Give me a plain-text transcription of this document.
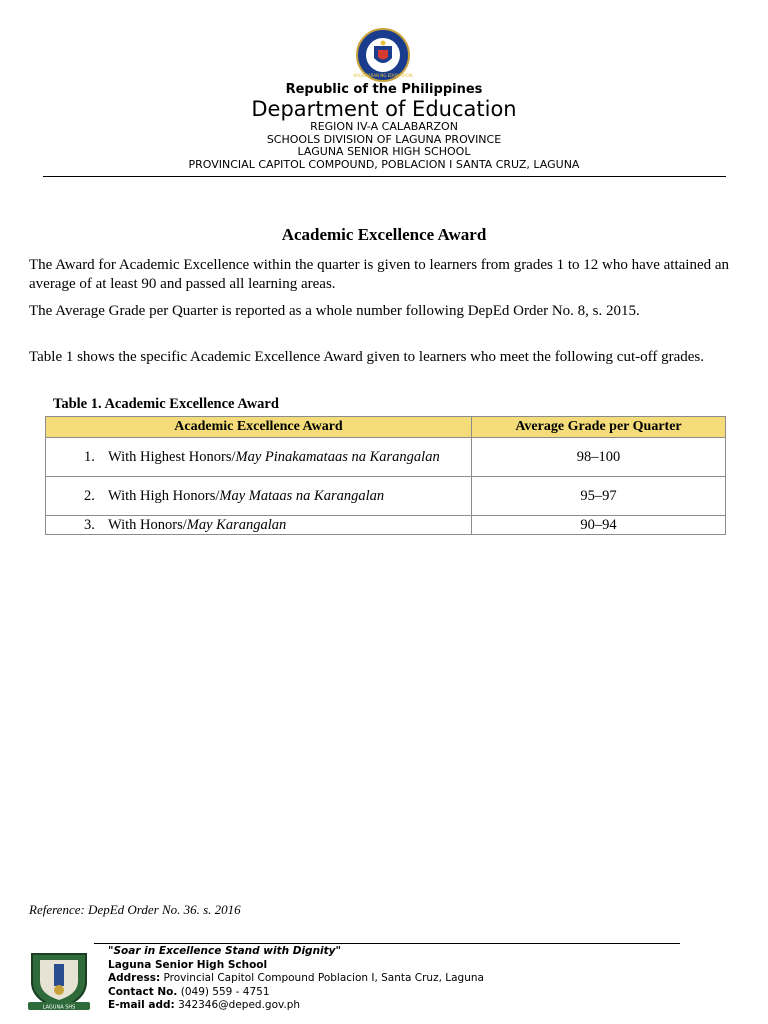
KAGAWARAN NG EDUKASYON
Republic of the Philippines
Department of Education
REGION IV-A CALABARZON
SCHOOLS DIVISION OF LAGUNA PROVINCE
LAGUNA SENIOR HIGH SCHOOL
PROVINCIAL CAPITOL COMPOUND, POBLACION I SANTA CRUZ, LAGUNA
Academic Excellence Award

The Award for Academic Excellence within the quarter is given to learners from grades 1 to 12 who have attained an average of at least 90 and passed all learning areas.

The Average Grade per Quarter is reported as a whole number following DepEd Order No. 8, s. 2015.

Table 1 shows the specific Academic Excellence Award given to learners who meet the following cut-off grades.

Table 1. Academic Excellence Award
Academic Excellence Award	Average Grade per Quarter

1. With Highest Honors/May Pinakamataas na Karangalan	98–100

2. With High Honors/May Mataas na Karangalan	95–97

3. With Honors/May Karangalan	90–94
Reference: DepEd Order No. 36. s. 2016
LAGUNA SHS
"Soar in Excellence Stand with Dignity"
Laguna Senior High School
Address: Provincial Capitol Compound Poblacion I, Santa Cruz, Laguna
Contact No. (049) 559 - 4751
E-mail add: 342346@deped.gov.ph
